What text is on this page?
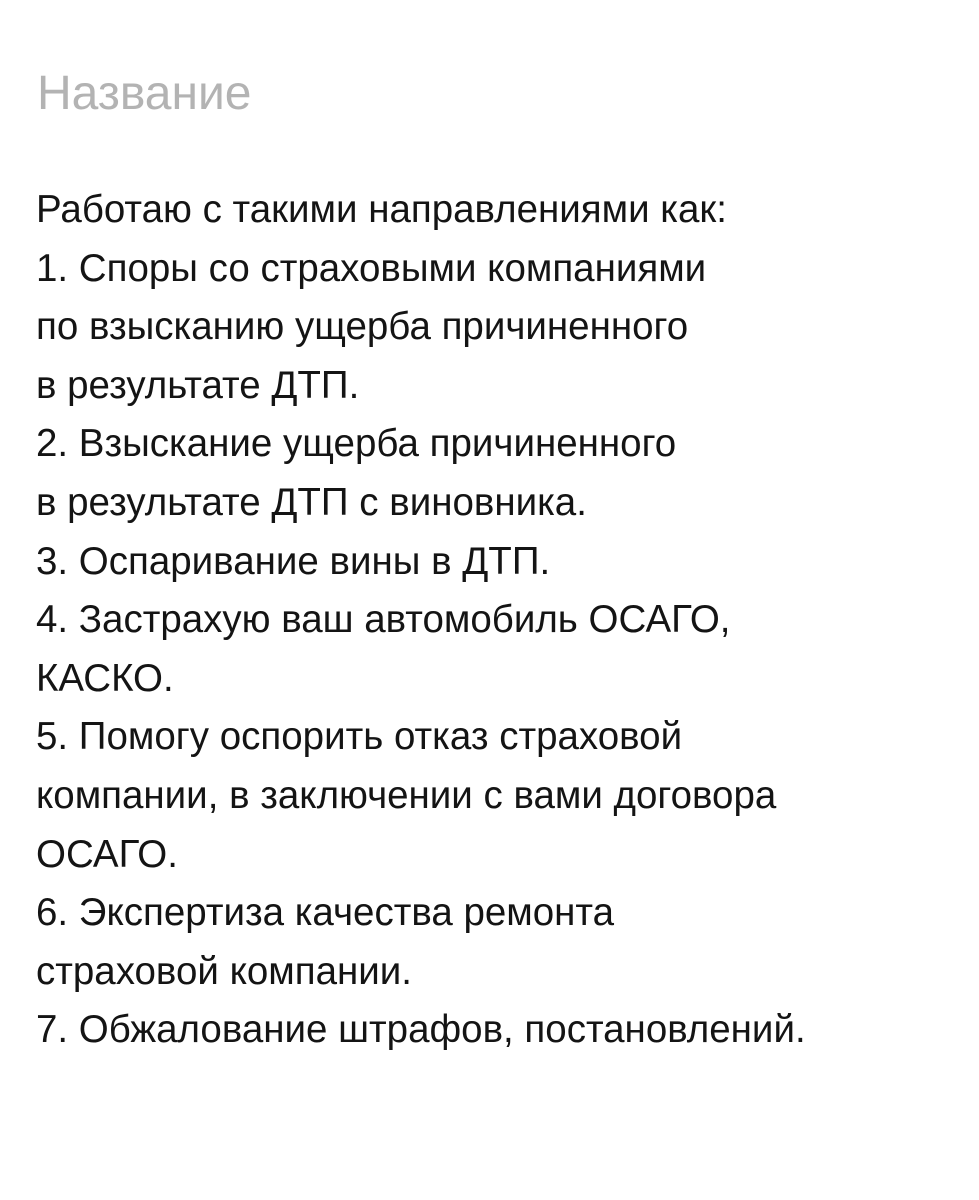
Название
Работаю с такими направлениями как:
1. Споры со страховыми компаниями
по взысканию ущерба причиненного
в результате ДТП.
2. Взыскание ущерба причиненного
в результате ДТП с виновника.
3. Оспаривание вины в ДТП.
4. Застрахую ваш автомобиль ОСАГО,
КАСКО.
5. Помогу оспорить отказ страховой
компании, в заключении с вами договора
ОСАГО.
6. Экспертиза качества ремонта
страховой компании.
7. Обжалование штрафов, постановлений.
